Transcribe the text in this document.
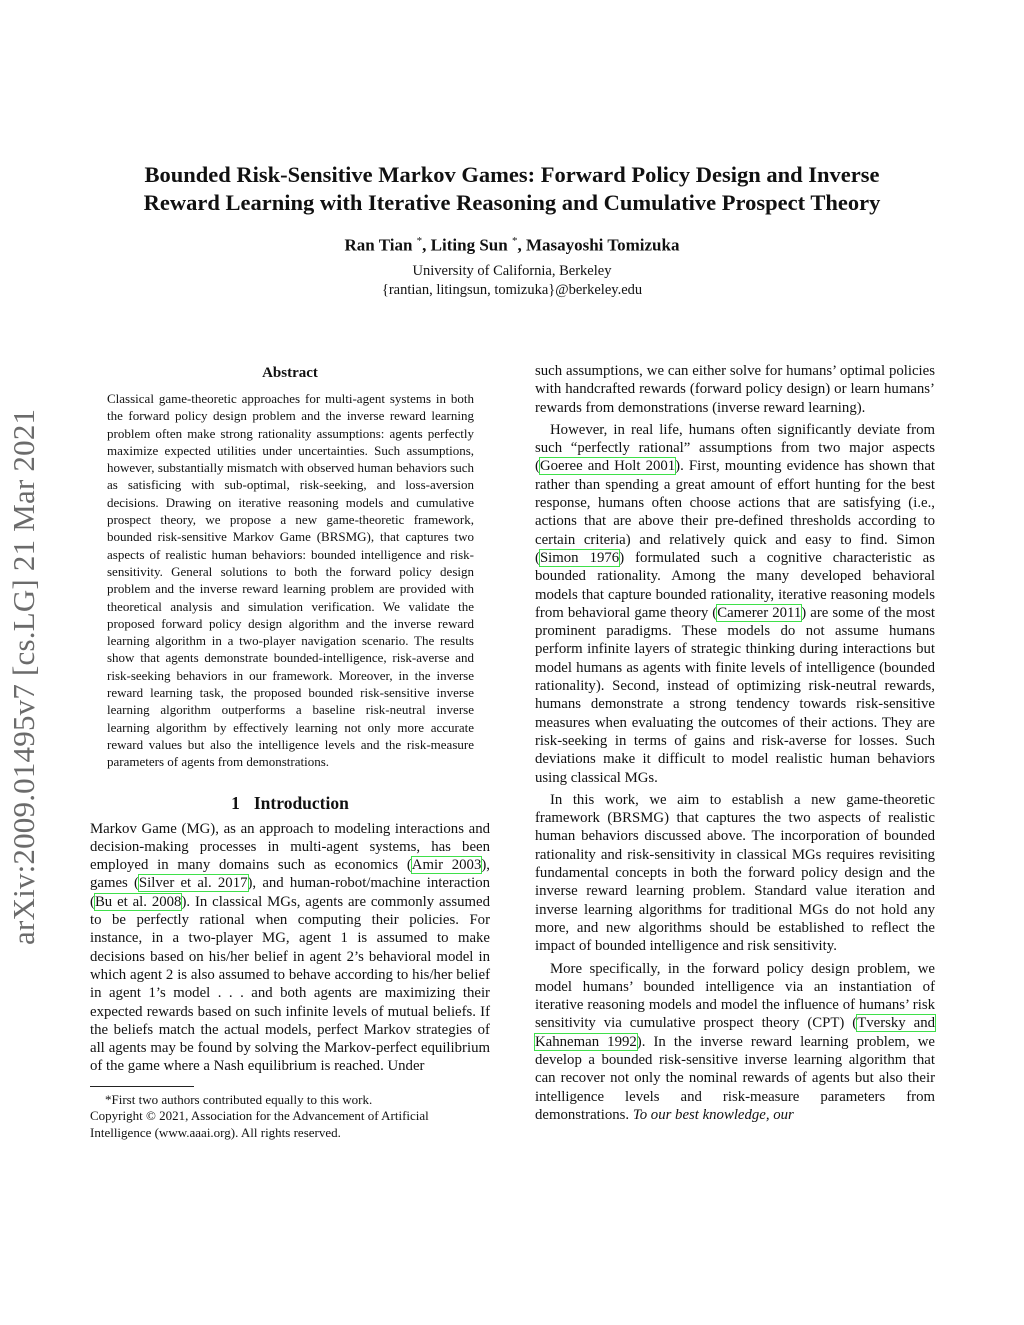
arXiv:2009.01495v7 [cs.LG] 21 Mar 2021
Bounded Risk-Sensitive Markov Games: Forward Policy Design and Inverse
Reward Learning with Iterative Reasoning and Cumulative Prospect Theory
Ran Tian *, Liting Sun *, Masayoshi Tomizuka
University of California, Berkeley
{rantian, litingsun, tomizuka}@berkeley.edu
Abstract

Classical game-theoretic approaches for multi-agent systems in both the forward policy design problem and the inverse reward learning problem often make strong rationality assumptions: agents perfectly maximize expected utilities under uncertainties. Such assumptions, however, substantially mismatch with observed human behaviors such as satisficing with sub-optimal, risk-seeking, and loss-aversion decisions. Drawing on iterative reasoning models and cumulative prospect theory, we propose a new game-theoretic framework, bounded risk-sensitive Markov Game (BRSMG), that captures two aspects of realistic human behaviors: bounded intelligence and risk-sensitivity. General solutions to both the forward policy design problem and the inverse reward learning problem are provided with theoretical analysis and simulation verification. We validate the proposed forward policy design algorithm and the inverse reward learning algorithm in a two-player navigation scenario. The results show that agents demonstrate bounded-intelligence, risk-averse and risk-seeking behaviors in our framework. Moreover, in the inverse reward learning task, the proposed bounded risk-sensitive inverse learning algorithm outperforms a baseline risk-neutral inverse learning algorithm by effectively learning not only more accurate reward values but also the intelligence levels and the risk-measure parameters of agents from demonstrations.

1 Introduction

Markov Game (MG), as an approach to modeling interactions and decision-making processes in multi-agent systems, has been employed in many domains such as economics (Amir 2003), games (Silver et al. 2017), and human-robot/machine interaction (Bu et al. 2008). In classical MGs, agents are commonly assumed to be perfectly rational when computing their policies. For instance, in a two-player MG, agent 1 is assumed to make decisions based on his/her belief in agent 2’s behavioral model in which agent 2 is also assumed to behave according to his/her belief in agent 1’s model . . . and both agents are maximizing their expected rewards based on such infinite levels of mutual beliefs. If the beliefs match the actual models, perfect Markov strategies of all agents may be found by solving the Markov-perfect equilibrium of the game where a Nash equilibrium is reached. Under

*First two authors contributed equally to this work.

Copyright © 2021, Association for the Advancement of Artificial Intelligence (www.aaai.org). All rights reserved.

such assumptions, we can either solve for humans’ optimal policies with handcrafted rewards (forward policy design) or learn humans’ rewards from demonstrations (inverse reward learning).

However, in real life, humans often significantly deviate from such “perfectly rational” assumptions from two major aspects (Goeree and Holt 2001). First, mounting evidence has shown that rather than spending a great amount of effort hunting for the best response, humans often choose actions that are satisfying (i.e., actions that are above their pre-defined thresholds according to certain criteria) and relatively quick and easy to find. Simon (Simon 1976) formulated such a cognitive characteristic as bounded rationality. Among the many developed behavioral models that capture bounded rationality, iterative reasoning models from behavioral game theory (Camerer 2011) are some of the most prominent paradigms. These models do not assume humans perform infinite layers of strategic thinking during interactions but model humans as agents with finite levels of intelligence (bounded rationality). Second, instead of optimizing risk-neutral rewards, humans demonstrate a strong tendency towards risk-sensitive measures when evaluating the outcomes of their actions. They are risk-seeking in terms of gains and risk-averse for losses. Such deviations make it difficult to model realistic human behaviors using classical MGs.

In this work, we aim to establish a new game-theoretic framework (BRSMG) that captures the two aspects of realistic human behaviors discussed above. The incorporation of bounded rationality and risk-sensitivity in classical MGs requires revisiting fundamental concepts in both the forward policy design and the inverse reward learning problem. Standard value iteration and inverse learning algorithms for traditional MGs do not hold any more, and new algorithms should be established to reflect the impact of bounded intelligence and risk sensitivity.

More specifically, in the forward policy design problem, we model humans’ bounded intelligence via an instantiation of iterative reasoning models and model the influence of humans’ risk sensitivity via cumulative prospect theory (CPT) (Tversky and Kahneman 1992). In the inverse reward learning problem, we develop a bounded risk-sensitive inverse learning algorithm that can recover not only the nominal rewards of agents but also their intelligence levels and risk-measure parameters from demonstrations. To our best knowledge, our
